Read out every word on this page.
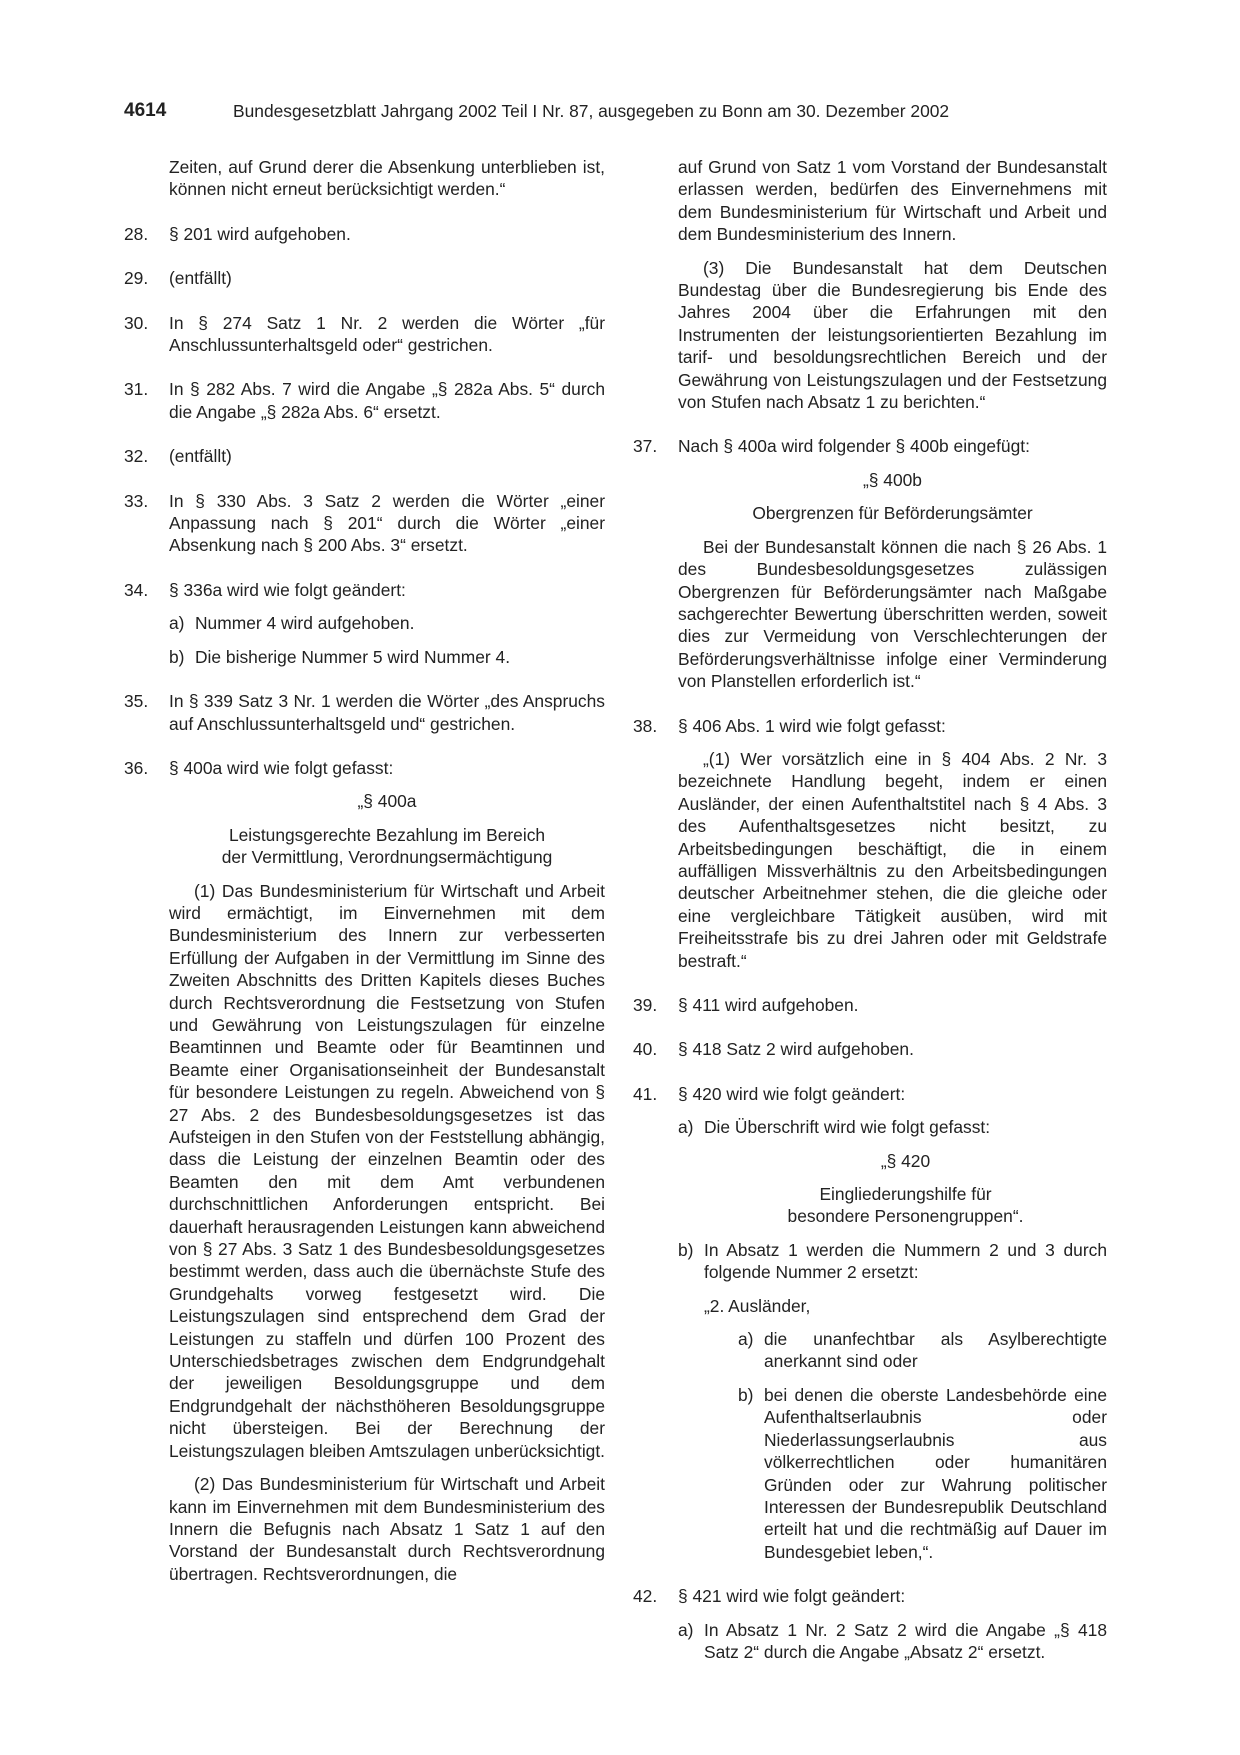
4614	Bundesgesetzblatt Jahrgang 2002 Teil I Nr. 87, ausgegeben zu Bonn am 30. Dezember 2002

Zeiten, auf Grund derer die Absenkung unterblieben ist, können nicht erneut berücksichtigt werden.“

28. § 201 wird aufgehoben.

29. (entfällt)

30. In § 274 Satz 1 Nr. 2 werden die Wörter „für Anschlussunterhaltsgeld oder“ gestrichen.

31. In § 282 Abs. 7 wird die Angabe „§ 282a Abs. 5“ durch die Angabe „§ 282a Abs. 6“ ersetzt.

32. (entfällt)

33. In § 330 Abs. 3 Satz 2 werden die Wörter „einer Anpassung nach § 201“ durch die Wörter „einer Absenkung nach § 200 Abs. 3“ ersetzt.

34. § 336a wird wie folgt geändert:

a) Nummer 4 wird aufgehoben.

b) Die bisherige Nummer 5 wird Nummer 4.

35. In § 339 Satz 3 Nr. 1 werden die Wörter „des Anspruchs auf Anschlussunterhaltsgeld und“ gestrichen.

36. § 400a wird wie folgt gefasst:

„§ 400a

Leistungsgerechte Bezahlung im Bereich

der Vermittlung, Verordnungsermächtigung

(1) Das Bundesministerium für Wirtschaft und Arbeit wird ermächtigt, im Einvernehmen mit dem Bundesministerium des Innern zur verbesserten Erfüllung der Aufgaben in der Vermittlung im Sinne des Zweiten Abschnitts des Dritten Kapitels dieses Buches durch Rechtsverordnung die Festsetzung von Stufen und Gewährung von Leistungszulagen für einzelne Beamtinnen und Beamte oder für Beamtinnen und Beamte einer Organisationseinheit der Bundesanstalt für besondere Leistungen zu regeln. Abweichend von § 27 Abs. 2 des Bundesbesoldungsgesetzes ist das Aufsteigen in den Stufen von der Feststellung abhängig, dass die Leistung der einzelnen Beamtin oder des Beamten den mit dem Amt verbundenen durchschnittlichen Anforderungen entspricht. Bei dauerhaft herausragenden Leistungen kann abweichend von § 27 Abs. 3 Satz 1 des Bundesbesoldungsgesetzes bestimmt werden, dass auch die übernächste Stufe des Grundgehalts vorweg festgesetzt wird. Die Leistungszulagen sind entsprechend dem Grad der Leistungen zu staffeln und dürfen 100 Prozent des Unterschiedsbetrages zwischen dem Endgrundgehalt der jeweiligen Besoldungsgruppe und dem Endgrundgehalt der nächsthöheren Besoldungsgruppe nicht übersteigen. Bei der Berechnung der Leistungszulagen bleiben Amtszulagen unberücksichtigt.

(2) Das Bundesministerium für Wirtschaft und Arbeit kann im Einvernehmen mit dem Bundesministerium des Innern die Befugnis nach Absatz 1 Satz 1 auf den Vorstand der Bundesanstalt durch Rechtsverordnung übertragen. Rechtsverordnungen, die

auf Grund von Satz 1 vom Vorstand der Bundesanstalt erlassen werden, bedürfen des Einvernehmens mit dem Bundesministerium für Wirtschaft und Arbeit und dem Bundesministerium des Innern.

(3) Die Bundesanstalt hat dem Deutschen Bundestag über die Bundesregierung bis Ende des Jahres 2004 über die Erfahrungen mit den Instrumenten der leistungsorientierten Bezahlung im tarif- und besoldungsrechtlichen Bereich und der Gewährung von Leistungszulagen und der Festsetzung von Stufen nach Absatz 1 zu berichten.“

37. Nach § 400a wird folgender § 400b eingefügt:

„§ 400b

Obergrenzen für Beförderungsämter

Bei der Bundesanstalt können die nach § 26 Abs. 1 des Bundesbesoldungsgesetzes zulässigen Obergrenzen für Beförderungsämter nach Maßgabe sachgerechter Bewertung überschritten werden, soweit dies zur Vermeidung von Verschlechterungen der Beförderungsverhältnisse infolge einer Verminderung von Planstellen erforderlich ist.“

38. § 406 Abs. 1 wird wie folgt gefasst:

„(1) Wer vorsätzlich eine in § 404 Abs. 2 Nr. 3 bezeichnete Handlung begeht, indem er einen Ausländer, der einen Aufenthaltstitel nach § 4 Abs. 3 des Aufenthaltsgesetzes nicht besitzt, zu Arbeitsbedingungen beschäftigt, die in einem auffälligen Missverhältnis zu den Arbeitsbedingungen deutscher Arbeitnehmer stehen, die die gleiche oder eine vergleichbare Tätigkeit ausüben, wird mit Freiheitsstrafe bis zu drei Jahren oder mit Geldstrafe bestraft.“

39. § 411 wird aufgehoben.

40. § 418 Satz 2 wird aufgehoben.

41. § 420 wird wie folgt geändert:

a) Die Überschrift wird wie folgt gefasst:

„§ 420

Eingliederungshilfe für

besondere Personengruppen“.

b) In Absatz 1 werden die Nummern 2 und 3 durch folgende Nummer 2 ersetzt:

„2. Ausländer,

a) die unanfechtbar als Asylberechtigte anerkannt sind oder

b) bei denen die oberste Landesbehörde eine Aufenthaltserlaubnis oder Niederlassungserlaubnis aus völkerrechtlichen oder humanitären Gründen oder zur Wahrung politischer Interessen der Bundesrepublik Deutschland erteilt hat und die rechtmäßig auf Dauer im Bundesgebiet leben,“.

42. § 421 wird wie folgt geändert:

a) In Absatz 1 Nr. 2 Satz 2 wird die Angabe „§ 418 Satz 2“ durch die Angabe „Absatz 2“ ersetzt.
